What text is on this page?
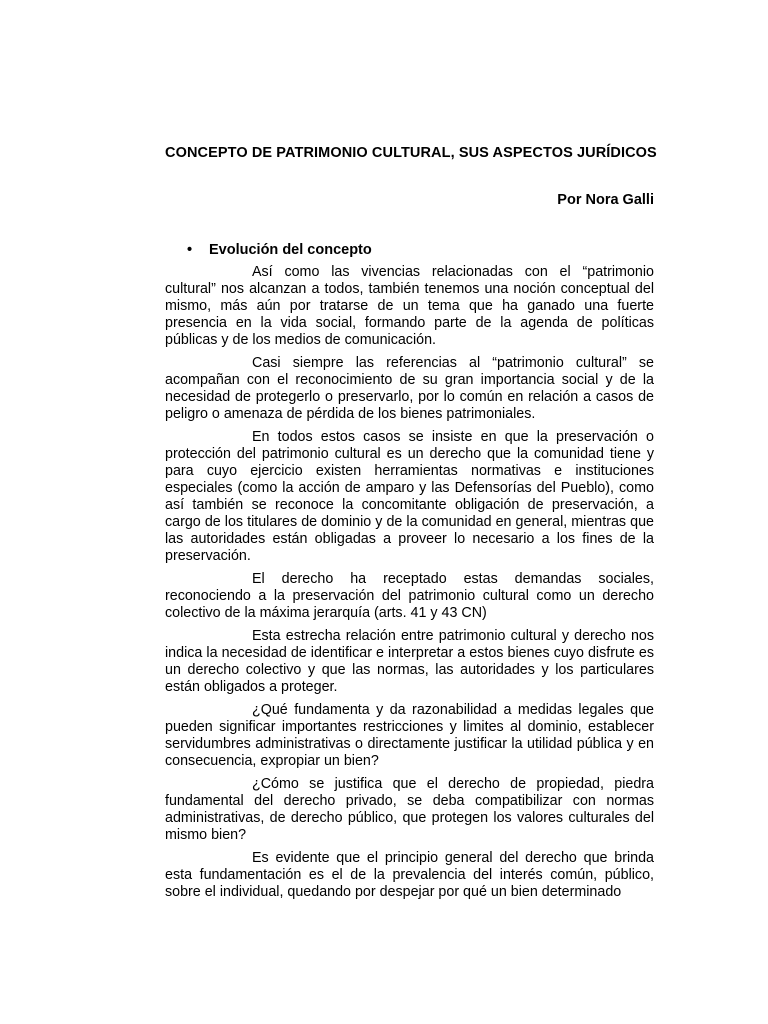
CONCEPTO DE PATRIMONIO CULTURAL, SUS ASPECTOS JURÍDICOS
Por Nora Galli
• Evolución del concepto

Así como las vivencias relacionadas con el “patrimonio cultural” nos alcanzan a todos, también tenemos una noción conceptual del mismo, más aún por tratarse de un tema que ha ganado una fuerte presencia en la vida social, formando parte de la agenda de políticas públicas y de los medios de comunicación.

Casi siempre las referencias al “patrimonio cultural” se acompañan con el reconocimiento de su gran importancia social y de la necesidad de protegerlo o preservarlo, por lo común en relación a casos de peligro o amenaza de pérdida de los bienes patrimoniales.

En todos estos casos se insiste en que la preservación o protección del patrimonio cultural es un derecho que la comunidad tiene y para cuyo ejercicio existen herramientas normativas e instituciones especiales (como la acción de amparo y las Defensorías del Pueblo), como así también se reconoce la concomitante obligación de preservación, a cargo de los titulares de dominio y de la comunidad en general, mientras que las autoridades están obligadas a proveer lo necesario a los fines de la preservación.

El derecho ha receptado estas demandas sociales, reconociendo a la preservación del patrimonio cultural como un derecho colectivo de la máxima jerarquía (arts. 41 y 43 CN)

Esta estrecha relación entre patrimonio cultural y derecho nos indica la necesidad de identificar e interpretar a estos bienes cuyo disfrute es un derecho colectivo y que las normas, las autoridades y los particulares están obligados a proteger.

¿Qué fundamenta y da razonabilidad a medidas legales que pueden significar importantes restricciones y limites al dominio, establecer servidumbres administrativas o directamente justificar la utilidad pública y en consecuencia, expropiar un bien?

¿Cómo se justifica que el derecho de propiedad, piedra fundamental del derecho privado, se deba compatibilizar con normas administrativas, de derecho público, que protegen los valores culturales del mismo bien?

Es evidente que el principio general del derecho que brinda esta fundamentación es el de la prevalencia del interés común, público, sobre el individual, quedando por despejar por qué un bien determinado
